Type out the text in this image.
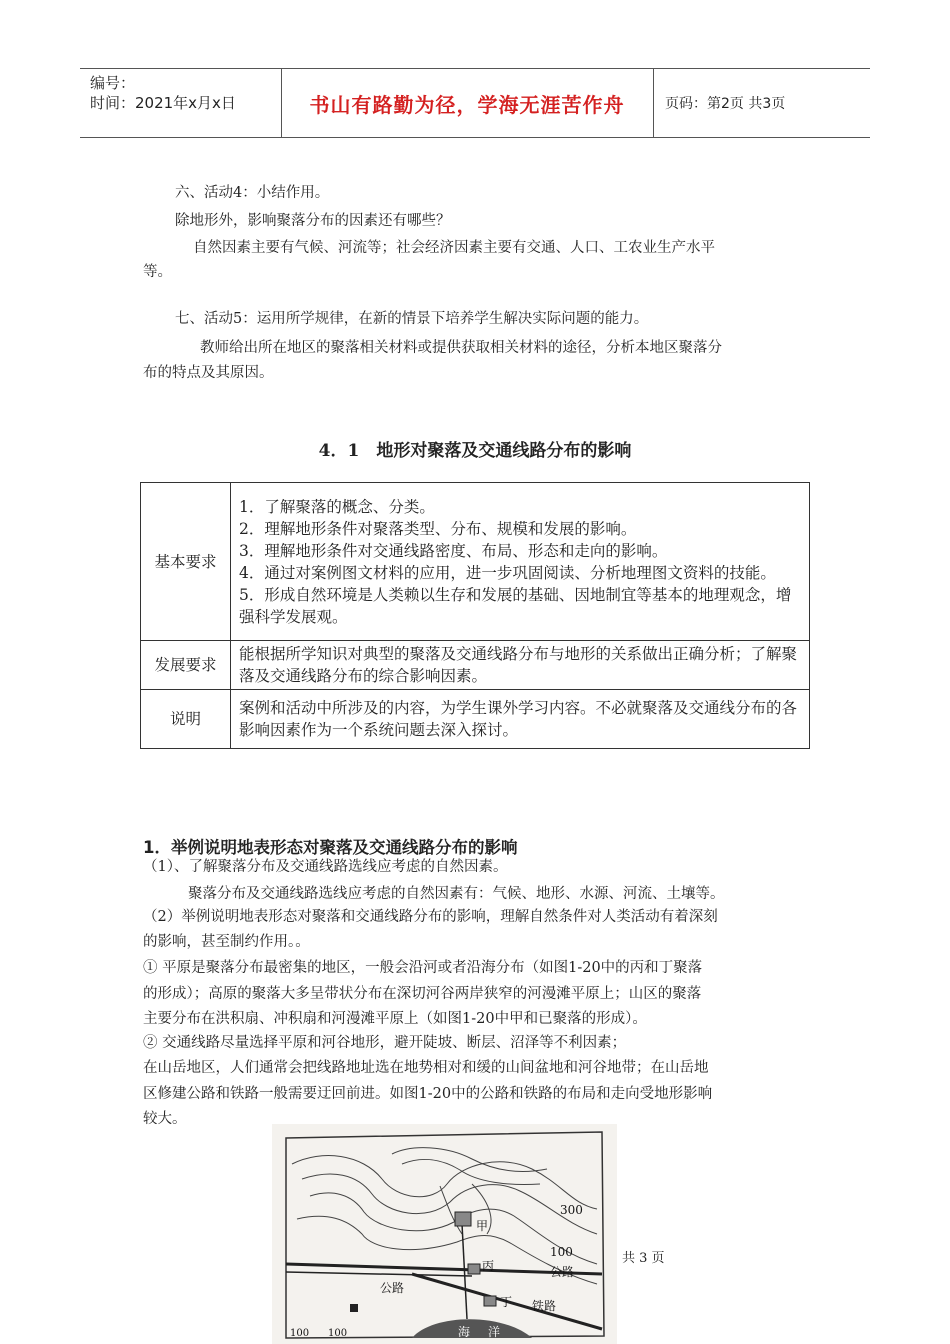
编号：
时间：2021年x月x日	书山有路勤为径，学海无涯苦作舟	页码：第2页 共3页
六、活动4：小结作用。
除地形外，影响聚落分布的因素还有哪些？
自然因素主要有气候、河流等；社会经济因素主要有交通、人口、工农业生产水平
等。
七、活动5：运用所学规律，在新的情景下培养学生解决实际问题的能力。
教师给出所在地区的聚落相关材料或提供获取相关材料的途径，分析本地区聚落分
布的特点及其原因。
4．1　地形对聚落及交通线路分布的影响
基本要求	1．了解聚落的概念、分类。
2．理解地形条件对聚落类型、分布、规模和发展的影响。
3．理解地形条件对交通线路密度、布局、形态和走向的影响。
4．通过对案例图文材料的应用，进一步巩固阅读、分析地理图文资料的技能。
5．形成自然环境是人类赖以生存和发展的基础、因地制宜等基本的地理观念，增强科学发展观。

发展要求	能根据所学知识对典型的聚落及交通线路分布与地形的关系做出正确分析；了解聚落及交通线路分布的综合影响因素。
说明	案例和活动中所涉及的内容，为学生课外学习内容。不必就聚落及交通线分布的各影响因素作为一个系统问题去深入探讨。
1．举例说明地表形态对聚落及交通线路分布的影响
（1）、了解聚落分布及交通线路选线应考虑的自然因素。
聚落分布及交通线路选线应考虑的自然因素有：气候、地形、水源、河流、土壤等。
（2）举例说明地表形态对聚落和交通线路分布的影响，理解自然条件对人类活动有着深刻
的影响，甚至制约作用。。
① 平原是聚落分布最密集的地区，一般会沿河或者沿海分布（如图1-20中的丙和丁聚落
的形成）；高原的聚落大多呈带状分布在深切河谷两岸狭窄的河漫滩平原上；山区的聚落
主要分布在洪积扇、冲积扇和河漫滩平原上（如图1-20中甲和已聚落的形成）。
② 交通线路尽量选择平原和河谷地形，避开陡坡、断层、沼泽等不利因素；
在山岳地区，人们通常会把线路地址选在地势相对和缓的山间盆地和河谷地带；在山岳地
区修建公路和铁路一般需要迂回前进。如图1-20中的公路和铁路的布局和走向受地形影响
较大。
300
100
甲
丙
丁
公路
公路
铁路
海 洋
100 100
共 3 页
